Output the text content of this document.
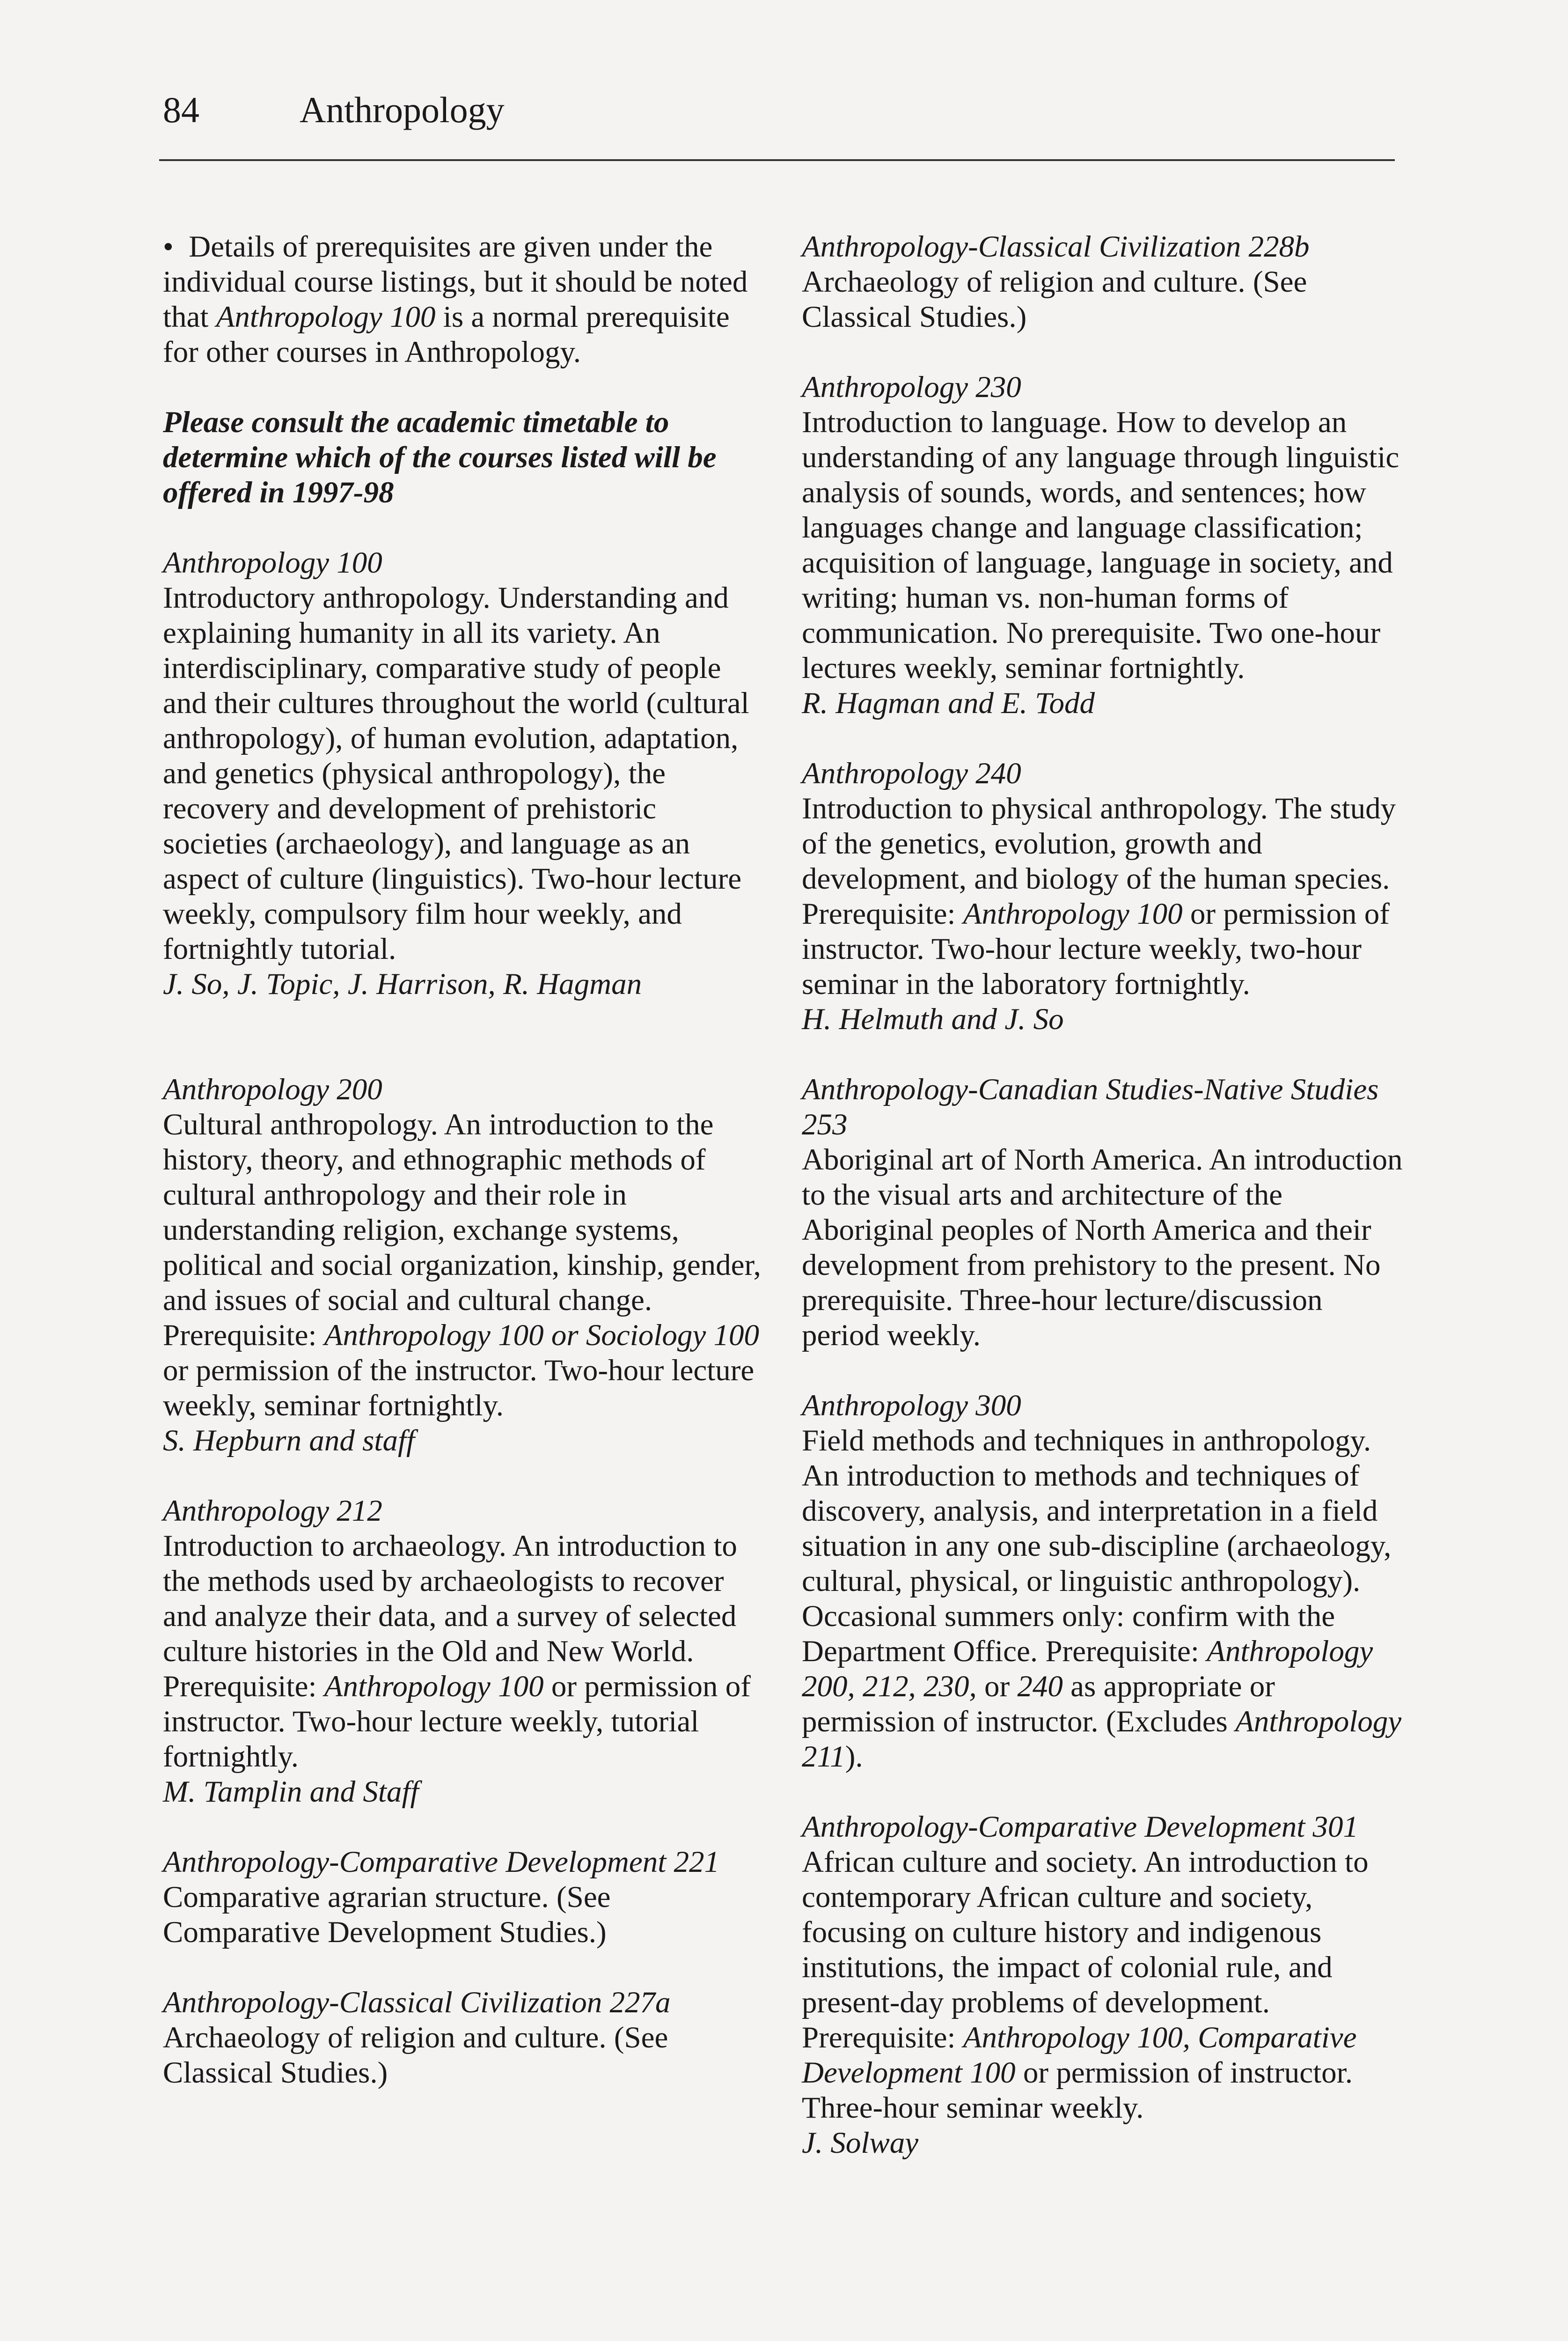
84	Anthropology

• Details of prerequisites are given under the individual course listings, but it should be noted that Anthropology 100 is a normal prerequisite for other courses in Anthropology.

Please consult the academic timetable to determine which of the courses listed will be offered in 1997-98

Anthropology 100
Introductory anthropology. Understanding and explaining humanity in all its variety. An interdisciplinary, comparative study of people and their cultures throughout the world (cultural anthropology), of human evolution, adaptation, and genetics (physical anthropology), the recovery and development of prehistoric societies (archaeology), and language as an aspect of culture (linguistics). Two-hour lecture weekly, compulsory film hour weekly, and fortnightly tutorial.
J. So, J. Topic, J. Harrison, R. Hagman
Anthropology 200
Cultural anthropology. An introduction to the history, theory, and ethnographic methods of cultural anthropology and their role in understanding religion, exchange systems, political and social organization, kinship, gender, and issues of social and cultural change. Prerequisite: Anthropology 100 or Sociology 100 or permission of the instructor. Two-hour lecture weekly, seminar fortnightly.
S. Hepburn and staff
Anthropology 212
Introduction to archaeology. An introduction to the methods used by archaeologists to recover and analyze their data, and a survey of selected culture histories in the Old and New World. Prerequisite: Anthropology 100 or permission of instructor. Two-hour lecture weekly, tutorial fortnightly.
M. Tamplin and Staff
Anthropology-Comparative Development 221
Comparative agrarian structure. (See Comparative Development Studies.)
Anthropology-Classical Civilization 227a
Archaeology of religion and culture. (See Classical Studies.)
Anthropology-Classical Civilization 228b
Archaeology of religion and culture. (See Classical Studies.)
Anthropology 230
Introduction to language. How to develop an understanding of any language through linguistic analysis of sounds, words, and sentences; how languages change and language classification; acquisition of language, language in society, and writing; human vs. non-human forms of communication. No prerequisite. Two one-hour lectures weekly, seminar fortnightly.
R. Hagman and E. Todd
Anthropology 240
Introduction to physical anthropology. The study of the genetics, evolution, growth and development, and biology of the human species. Prerequisite: Anthropology 100 or permission of instructor. Two-hour lecture weekly, two-hour seminar in the laboratory fortnightly.
H. Helmuth and J. So
Anthropology-Canadian Studies-Native Studies 253
Aboriginal art of North America. An introduction to the visual arts and architecture of the Aboriginal peoples of North America and their development from prehistory to the present. No prerequisite. Three-hour lecture/discussion period weekly.
Anthropology 300
Field methods and techniques in anthropology. An introduction to methods and techniques of discovery, analysis, and interpretation in a field situation in any one sub-discipline (archaeology, cultural, physical, or linguistic anthropology). Occasional summers only: confirm with the Department Office. Prerequisite: Anthropology 200, 212, 230, or 240 as appropriate or permission of instructor. (Excludes Anthropology 211).
Anthropology-Comparative Development 301
African culture and society. An introduction to contemporary African culture and society, focusing on culture history and indigenous institutions, the impact of colonial rule, and present-day problems of development. Prerequisite: Anthropology 100, Comparative Development 100 or permission of instructor. Three-hour seminar weekly.
J. Solway
